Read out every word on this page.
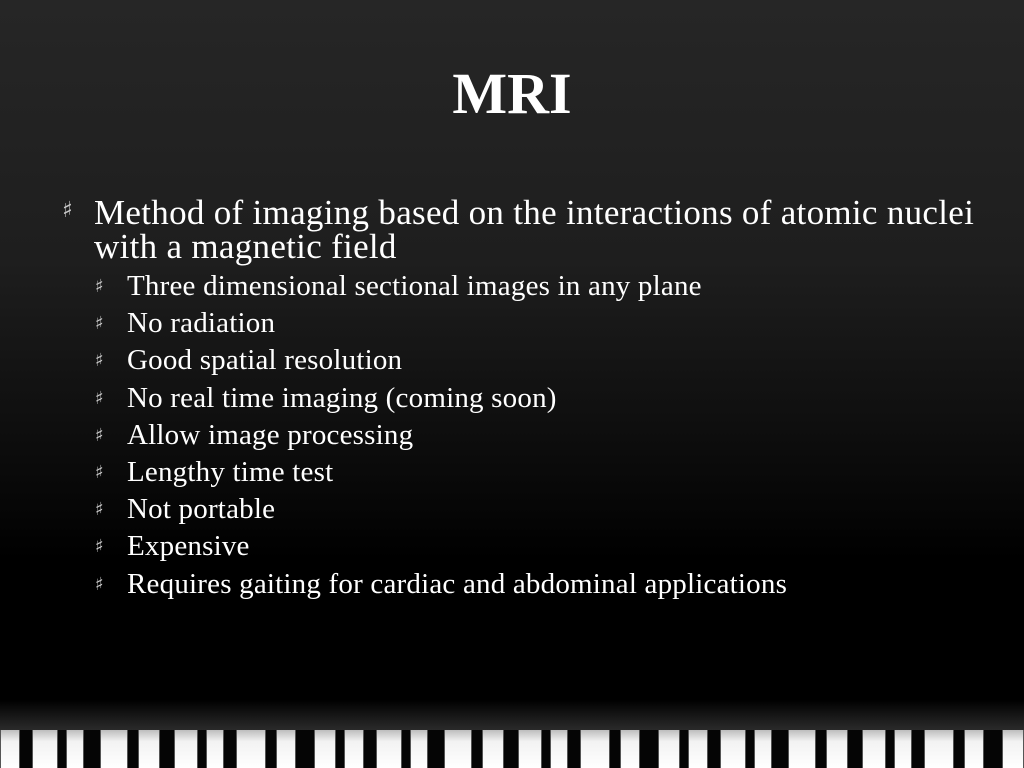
MRI
♯ Method of imaging based on the interactions of atomic nuclei with a magnetic field
♯ Three dimensional sectional images in any plane
♯ No radiation
♯ Good spatial resolution
♯ No real time imaging (coming soon)
♯ Allow image processing
♯ Lengthy time test
♯ Not portable
♯ Expensive
♯ Requires gaiting for cardiac and abdominal applications
